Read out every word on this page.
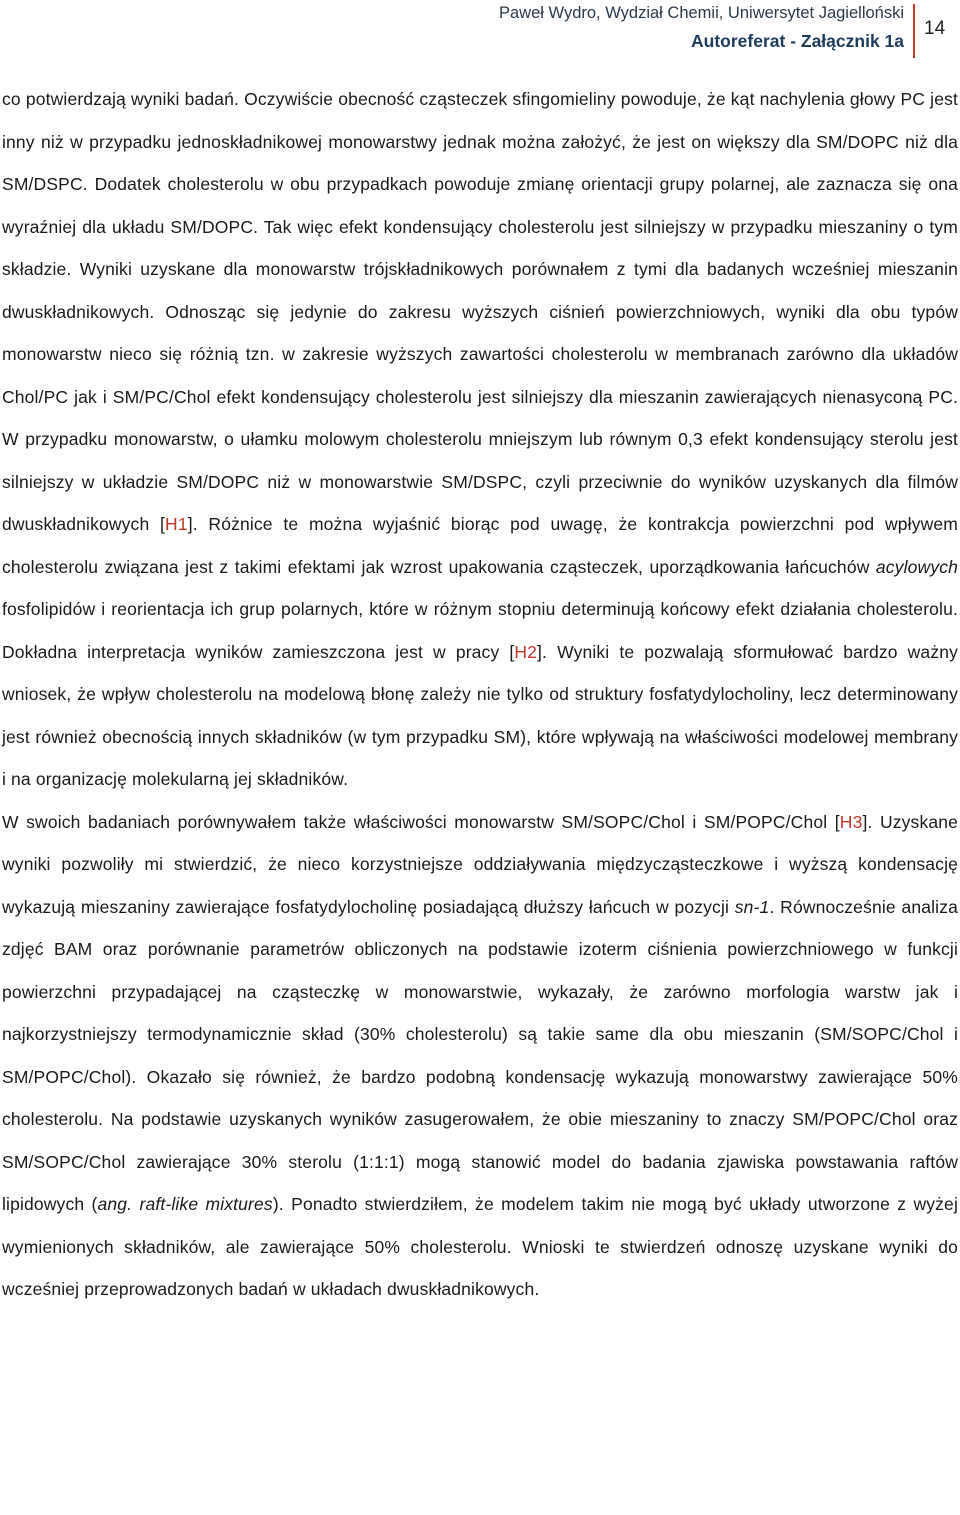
Paweł Wydro, Wydział Chemii, Uniwersytet Jagielloński
Autoreferat - Załącznik 1a
14

co potwierdzają wyniki badań. Oczywiście obecność cząsteczek sfingomieliny powoduje, że kąt nachylenia głowy PC jest inny niż w przypadku jednoskładnikowej monowarstwy jednak można założyć, że jest on większy dla SM/DOPC niż dla SM/DSPC. Dodatek cholesterolu w obu przypadkach powoduje zmianę orientacji grupy polarnej, ale zaznacza się ona wyraźniej dla układu SM/DOPC. Tak więc efekt kondensujący cholesterolu jest silniejszy w przypadku mieszaniny o tym składzie. Wyniki uzyskane dla monowarstw trójskładnikowych porównałem z tymi dla badanych wcześniej mieszanin dwuskładnikowych. Odnosząc się jedynie do zakresu wyższych ciśnień powierzchniowych, wyniki dla obu typów monowarstw nieco się różnią tzn. w zakresie wyższych zawartości cholesterolu w membranach zarówno dla układów Chol/PC jak i SM/PC/Chol efekt kondensujący cholesterolu jest silniejszy dla mieszanin zawierających nienasyconą PC. W przypadku monowarstw, o ułamku molowym cholesterolu mniejszym lub równym 0,3 efekt kondensujący sterolu jest silniejszy w układzie SM/DOPC niż w monowarstwie SM/DSPC, czyli przeciwnie do wyników uzyskanych dla filmów dwuskładnikowych [H1]. Różnice te można wyjaśnić biorąc pod uwagę, że kontrakcja powierzchni pod wpływem cholesterolu związana jest z takimi efektami jak wzrost upakowania cząsteczek, uporządkowania łańcuchów acylowych fosfolipidów i reorientacja ich grup polarnych, które w różnym stopniu determinują końcowy efekt działania cholesterolu. Dokładna interpretacja wyników zamieszczona jest w pracy [H2]. Wyniki te pozwalają sformułować bardzo ważny wniosek, że wpływ cholesterolu na modelową błonę zależy nie tylko od struktury fosfatydylocholiny, lecz determinowany jest również obecnością innych składników (w tym przypadku SM), które wpływają na właściwości modelowej membrany i na organizację molekularną jej składników.

W swoich badaniach porównywałem także właściwości monowarstw SM/SOPC/Chol i SM/POPC/Chol [H3]. Uzyskane wyniki pozwoliły mi stwierdzić, że nieco korzystniejsze oddziaływania międzycząsteczkowe i wyższą kondensację wykazują mieszaniny zawierające fosfatydylocholinę posiadającą dłuższy łańcuch w pozycji sn-1. Równocześnie analiza zdjęć BAM oraz porównanie parametrów obliczonych na podstawie izoterm ciśnienia powierzchniowego w funkcji powierzchni przypadającej na cząsteczkę w monowarstwie, wykazały, że zarówno morfologia warstw jak i najkorzystniejszy termodynamicznie skład (30% cholesterolu) są takie same dla obu mieszanin (SM/SOPC/Chol i SM/POPC/Chol). Okazało się również, że bardzo podobną kondensację wykazują monowarstwy zawierające 50% cholesterolu. Na podstawie uzyskanych wyników zasugerowałem, że obie mieszaniny to znaczy SM/POPC/Chol oraz SM/SOPC/Chol zawierające 30% sterolu (1:1:1) mogą stanowić model do badania zjawiska powstawania raftów lipidowych (ang. raft-like mixtures). Ponadto stwierdziłem, że modelem takim nie mogą być układy utworzone z wyżej wymienionych składników, ale zawierające 50% cholesterolu. Wnioski te stwierdzeń odnoszę uzyskane wyniki do wcześniej przeprowadzonych badań w układach dwuskładnikowych.
